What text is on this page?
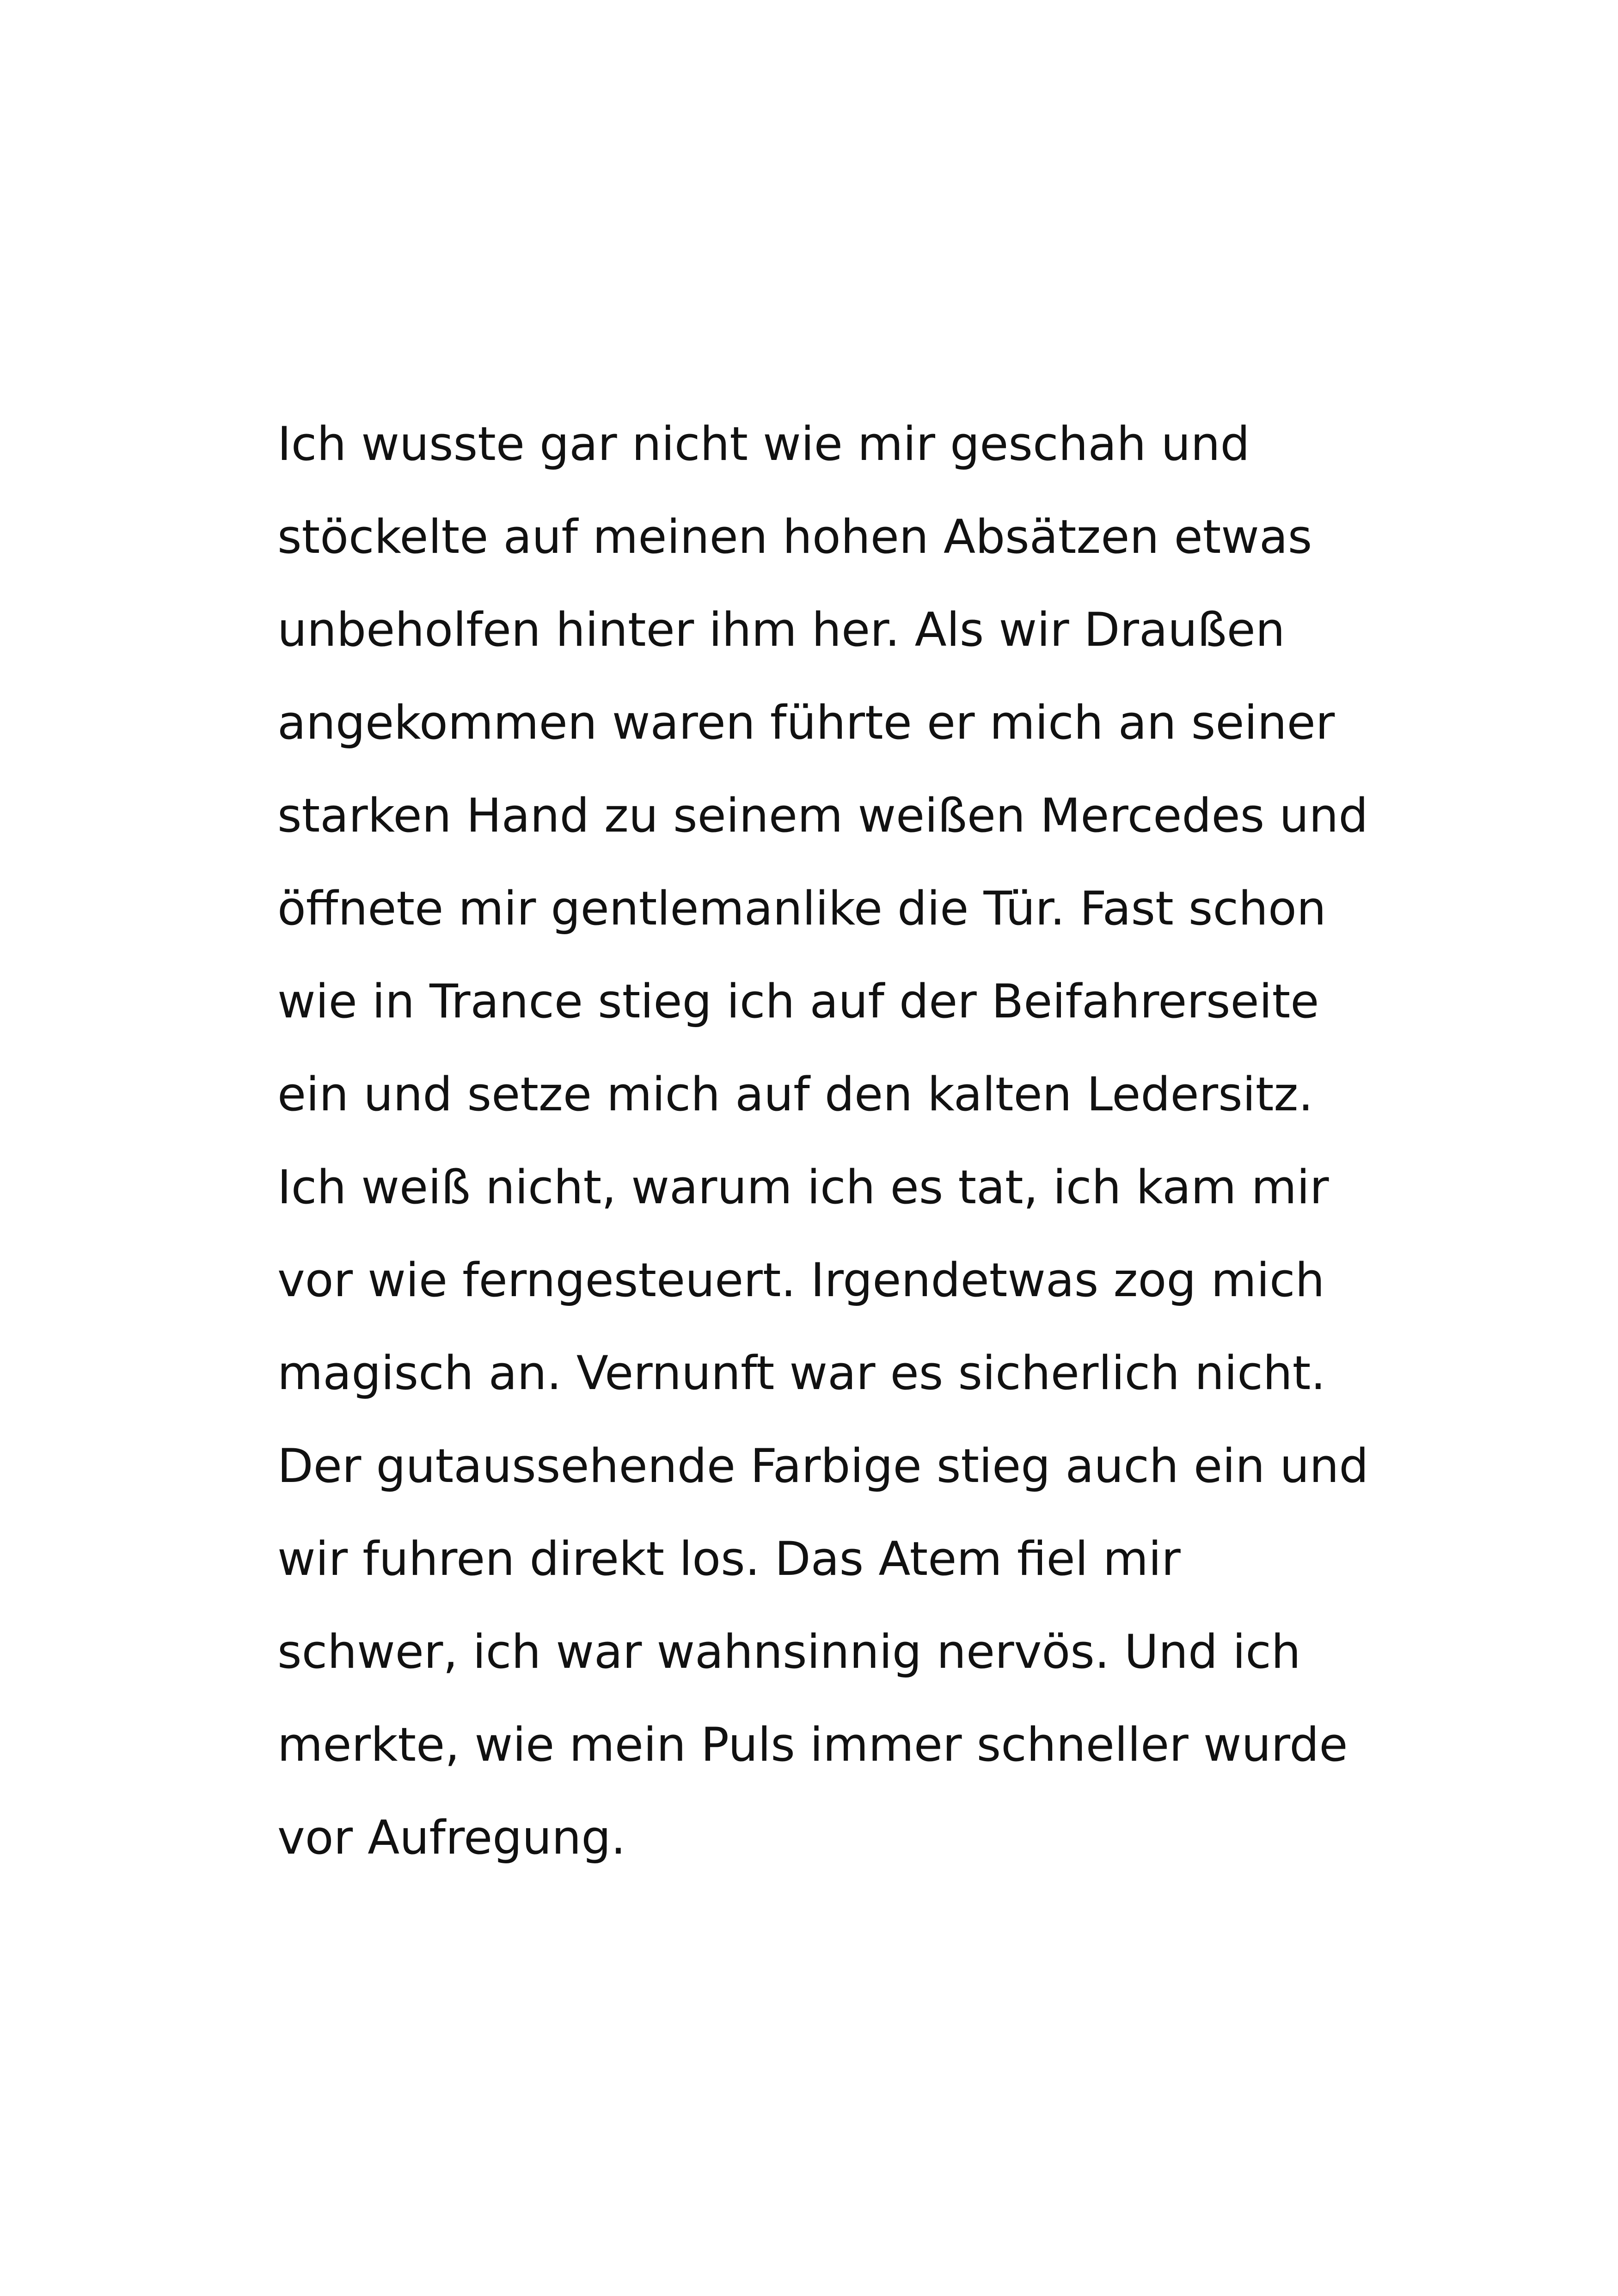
Ich wusste gar nicht wie mir geschah und
stöckelte auf meinen hohen Absätzen etwas
unbeholfen hinter ihm her. Als wir Draußen
angekommen waren führte er mich an seiner
starken Hand zu seinem weißen Mercedes und
öffnete mir gentlemanlike die Tür. Fast schon
wie in Trance stieg ich auf der Beifahrerseite
ein und setze mich auf den kalten Ledersitz.
Ich weiß nicht, warum ich es tat, ich kam mir
vor wie ferngesteuert. Irgendetwas zog mich
magisch an. Vernunft war es sicherlich nicht.
Der gutaussehende Farbige stieg auch ein und
wir fuhren direkt los. Das Atem fiel mir
schwer, ich war wahnsinnig nervös. Und ich
merkte, wie mein Puls immer schneller wurde
vor Aufregung.
